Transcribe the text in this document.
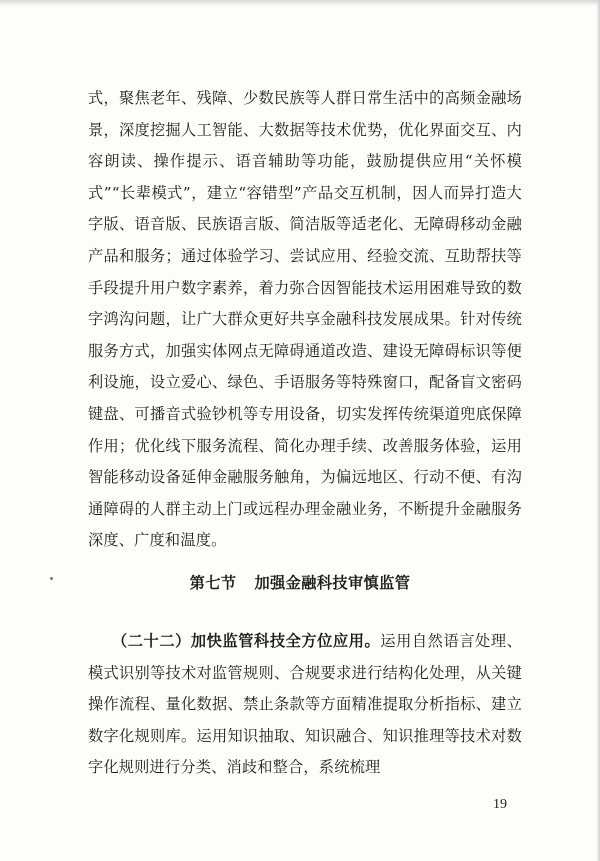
式，聚焦老年、残障、少数民族等人群日常生活中的高频金融场景，深度挖掘人工智能、大数据等技术优势，优化界面交互、内容朗读、操作提示、语音辅助等功能，鼓励提供应用“关怀模式”“长辈模式”，建立“容错型”产品交互机制，因人而异打造大字版、语音版、民族语言版、简洁版等适老化、无障碍移动金融产品和服务；通过体验学习、尝试应用、经验交流、互助帮扶等手段提升用户数字素养，着力弥合因智能技术运用困难导致的数字鸿沟问题，让广大群众更好共享金融科技发展成果。针对传统服务方式，加强实体网点无障碍通道改造、建设无障碍标识等便利设施，设立爱心、绿色、手语服务等特殊窗口，配备盲文密码键盘、可播音式验钞机等专用设备，切实发挥传统渠道兜底保障作用；优化线下服务流程、简化办理手续、改善服务体验，运用智能移动设备延伸金融服务触角，为偏远地区、行动不便、有沟通障碍的人群主动上门或远程办理金融业务，不断提升金融服务深度、广度和温度。

第七节 加强金融科技审慎监管

　　（二十二）加快监管科技全方位应用。运用自然语言处理、模式识别等技术对监管规则、合规要求进行结构化处理，从关键操作流程、量化数据、禁止条款等方面精准提取分析指标、建立数字化规则库。运用知识抽取、知识融合、知识推理等技术对数字化规则进行分类、消歧和整合，系统梳理

19
